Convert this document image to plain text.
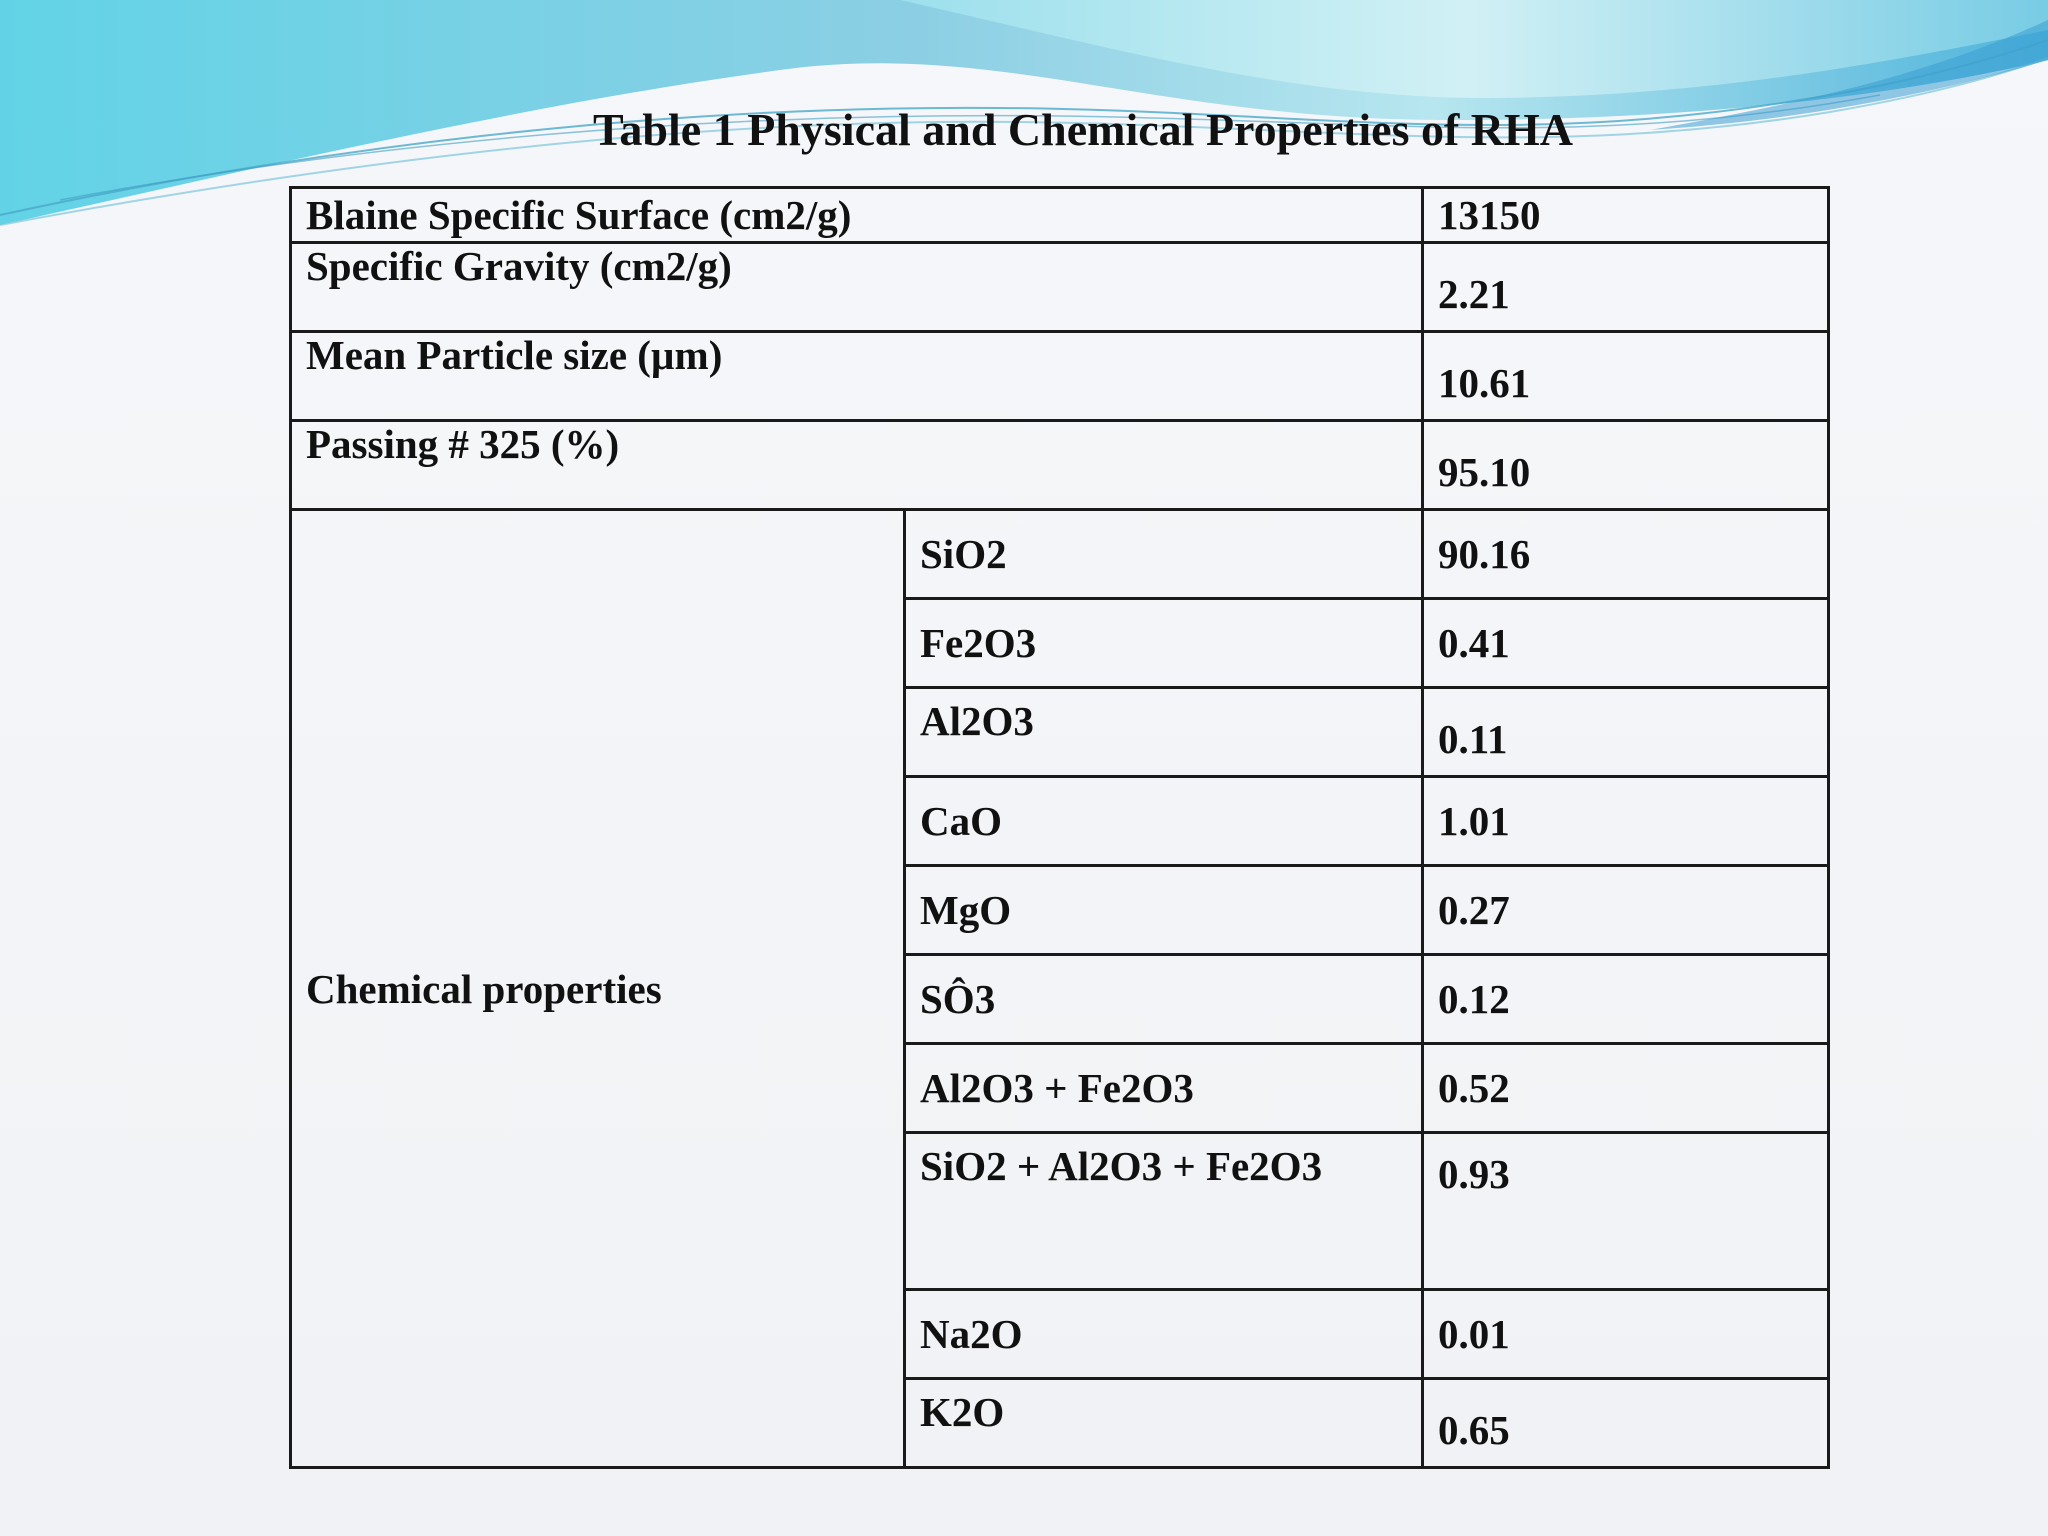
Table 1 Physical and Chemical Properties of RHA
Blaine Specific Surface (cm2/g)		13150
Specific Gravity (cm2/g)		2.21
Mean Particle size (µm)		10.61
Passing # 325 (%)		95.10
Chemical properties	SiO2	90.16
	Fe2O3	0.41
	Al2O3	0.11
	CaO	1.01
	MgO	0.27
	SÔ3	0.12
	Al2O3 + Fe2O3	0.52
	SiO2 + Al2O3 + Fe2O3	0.93
	Na2O	0.01
	K2O	0.65
